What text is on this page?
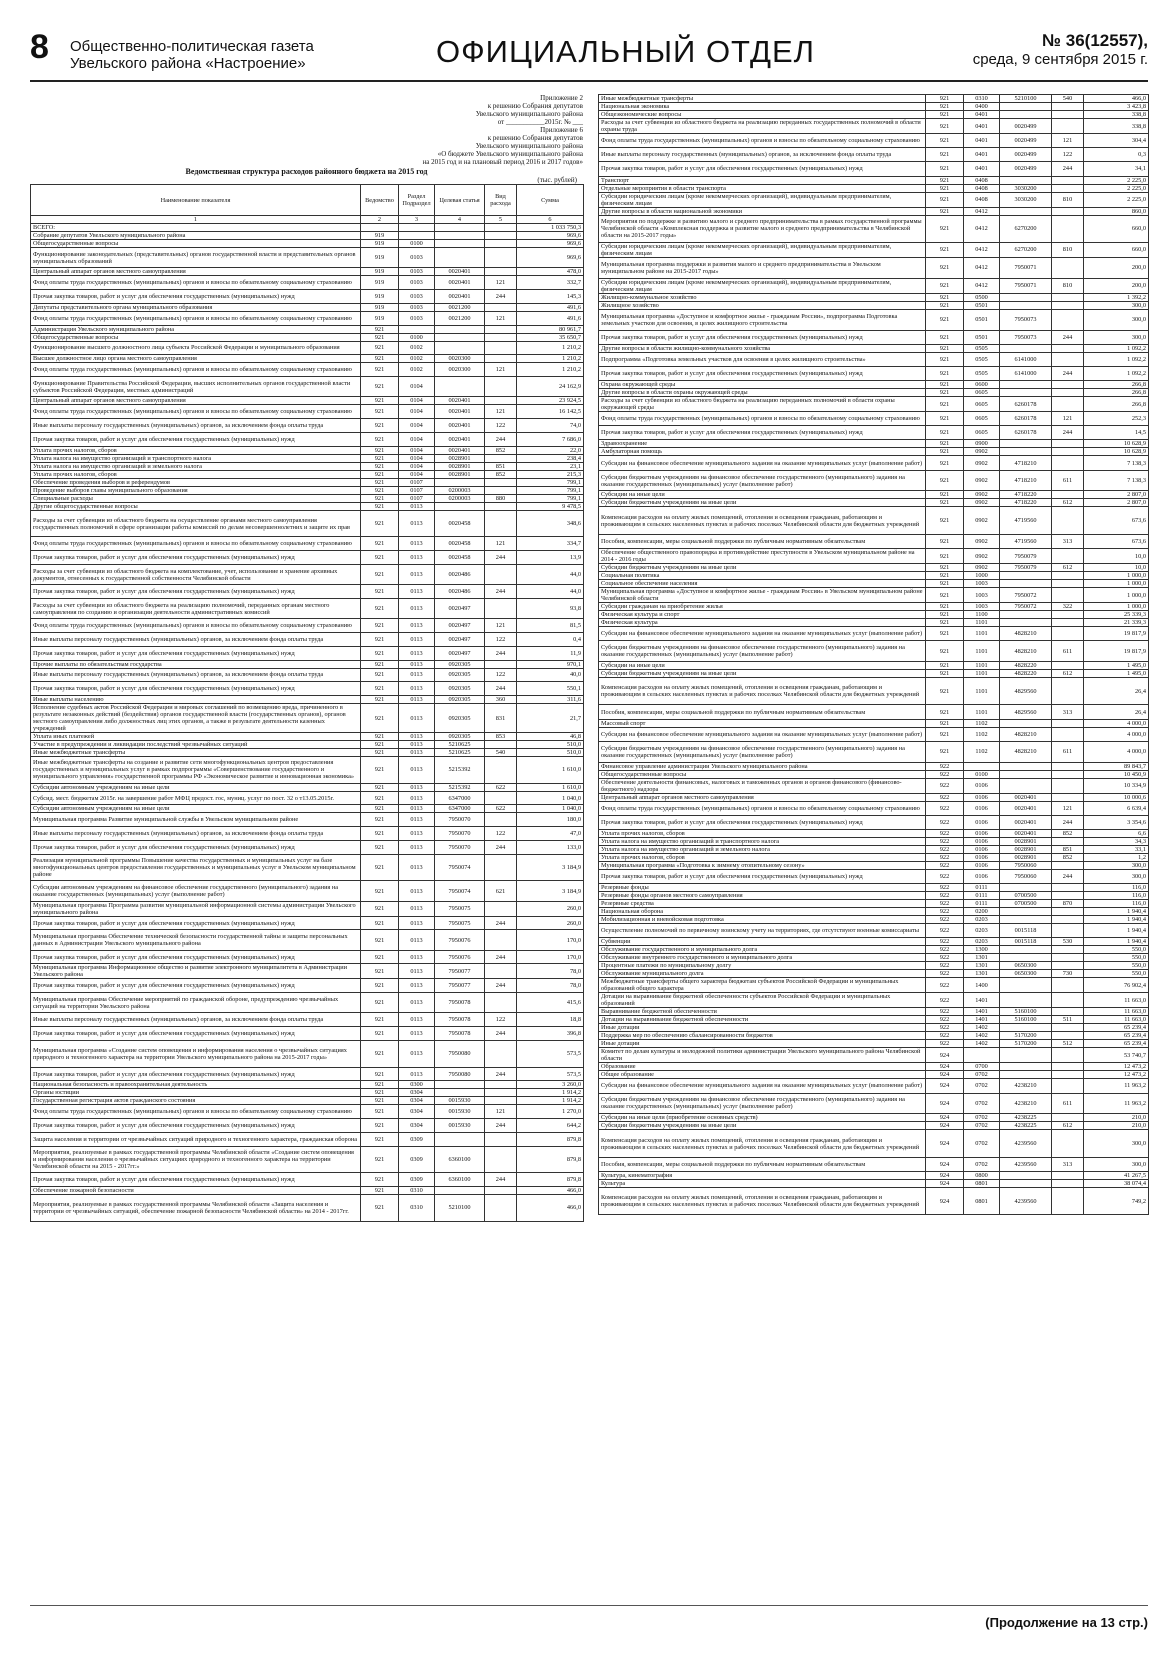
8 Общественно-политическая газета
Увельского района «Настроение»	ОФИЦИАЛЬНЫЙ ОТДЕЛ	№ 36(12557),
среда, 9 сентября 2015 г.
Приложение 2
к решению Собрания депутатов
Увельского муниципального района
от ___________2015г. № ___
Приложение 6
к решению Собрания депутатов
Увельского муниципального района
«О бюджете Увельского муниципального района
на 2015 год и на плановый период 2016 и 2017 годов»
Ведомственная структура расходов районного бюджета на 2015 год
(тыс. рублей)
Наименование показателя	Ведомство	Раздел Подраздел	Целевая статья	Вид расхода	Сумма
1	2	3	4	5	6
ВСЕГО:					1 033 750,3
Собрание депутатов Увельского муниципального района	919				969,6
Общегосударственные вопросы	919	0100			969,6
Функционирование законодательных (представительных) органов государственной власти и представительных органов муниципальных образований	919	0103			969,6
Центральный аппарат органов местного самоуправления	919	0103	0020401		478,0
Фонд оплаты труда государственных (муниципальных) органов и взносы по обязательному социальному страхованию	919	0103	0020401	121	332,7
Прочая закупка товаров, работ и услуг для обеспечения государственных (муниципальных) нужд	919	0103	0020401	244	145,3
Депутаты представительного органа муниципального образования	919	0103	0021200		491,6
Фонд оплаты труда государственных (муниципальных) органов и взносы по обязательному социальному страхованию	919	0103	0021200	121	491,6
Администрация Увельского муниципального района	921				80 961,7
Общегосударственные вопросы	921	0100			35 650,7
Функционирование высшего должностного лица субъекта Российской Федерации и муниципального образования	921	0102			1 210,2
Высшее должностное лицо органа местного самоуправления	921	0102	0020300		1 210,2
Фонд оплаты труда государственных (муниципальных) органов и взносы по обязательному социальному страхованию	921	0102	0020300	121	1 210,2
Функционирование Правительства Российской Федерации, высших исполнительных органов государственной власти субъектов Российской Федерации, местных администраций	921	0104			24 162,9
Центральный аппарат органов местного самоуправления	921	0104	0020401		23 924,5
Фонд оплаты труда государственных (муниципальных) органов и взносы по обязательному социальному страхованию	921	0104	0020401	121	16 142,5
Иные выплаты персоналу государственных (муниципальных) органов, за исключением фонда оплаты труда	921	0104	0020401	122	74,0
Прочая закупка товаров, работ и услуг для обеспечения государственных (муниципальных) нужд	921	0104	0020401	244	7 686,0
Уплата прочих налогов, сборов	921	0104	0020401	852	22,0
Уплата налога на имущество организаций и транспортного налога	921	0104	0028901		238,4
Уплата налога на имущество организаций и земельного налога	921	0104	0028901	851	23,1
Уплата прочих налогов, сборов	921	0104	0028901	852	215,3
Обеспечение проведения выборов и референдумов	921	0107			799,1
Проведение выборов главы муниципального образования	921	0107	0200003		799,1
Специальные расходы	921	0107	0200003	880	799,1
Другие общегосударственные вопросы	921	0113			9 478,5
Расходы за счет субвенции из областного бюджета на осуществление органами местного самоуправления государственных полномочий в сфере организации работы комиссий по делам несовершеннолетних и защите их прав	921	0113	0020458		348,6
Фонд оплаты труда государственных (муниципальных) органов и взносы по обязательному социальному страхованию	921	0113	0020458	121	334,7
Прочая закупка товаров, работ и услуг для обеспечения государственных (муниципальных) нужд	921	0113	0020458	244	13,9
Расходы за счет субвенции из областного бюджета на комплектование, учет, использование и хранение архивных документов, отнесенных к государственной собственности Челябинской области	921	0113	0020486		44,0
Прочая закупка товаров, работ и услуг для обеспечения государственных (муниципальных) нужд	921	0113	0020486	244	44,0
Расходы за счет субвенции из областного бюджета на реализацию полномочий, переданных органам местного самоуправления по созданию и организации деятельности административных комиссий	921	0113	0020497		93,8
Фонд оплаты труда государственных (муниципальных) органов и взносы по обязательному социальному страхованию	921	0113	0020497	121	81,5
Иные выплаты персоналу государственных (муниципальных) органов, за исключением фонда оплаты труда	921	0113	0020497	122	0,4
Прочая закупка товаров, работ и услуг для обеспечения государственных (муниципальных) нужд	921	0113	0020497	244	11,9
Прочие выплаты по обязательствам государства	921	0113	0920305		970,1
Иные выплаты персоналу государственных (муниципальных) органов, за исключением фонда оплаты труда	921	0113	0920305	122	40,0
Прочая закупка товаров, работ и услуг для обеспечения государственных (муниципальных) нужд	921	0113	0920305	244	550,1
Иные выплаты населению	921	0113	0920305	360	311,6
Исполнение судебных актов Российской Федерации и мировых соглашений по возмещению вреда, причиненного в результате незаконных действий (бездействия) органов государственной власти (государственных органов), органов местного самоуправления либо должностных лиц этих органов, а также в результате деятельности казенных учреждений	921	0113	0920305	831	21,7
Уплата иных платежей	921	0113	0920305	853	46,8
Участие в предупреждении и ликвидации последствий чрезвычайных ситуаций	921	0113	5210625		510,0
Иные межбюджетные трансферты	921	0113	5210625	540	510,0
Иные межбюджетные трансферты на создание и развитие сети многофункциональных центров предоставления государственных и муниципальных услуг в рамках подпрограммы «Совершенствование государственного и муниципального управления» государственной программы РФ «Экономическое развитие и инновационная экономика»	921	0113	5215392		1 610,0
Субсидии автономным учреждениям на иные цели	921	0113	5215392	622	1 610,0
Субсид. мест. бюджетам 2015г. на завершение работ МФЦ предост. гос, муниц. услуг по пост. 32 о т13.05.2015г.	921	0113	6347000		1 040,0
Субсидии автономным учреждениям на иные цели	921	0113	6347000	622	1 040,0
Муниципальная программа Развитие муниципальной службы в Увельском муниципальном районе	921	0113	7950070		180,0
Иные выплаты персоналу государственных (муниципальных) органов, за исключением фонда оплаты труда	921	0113	7950070	122	47,0
Прочая закупка товаров, работ и услуг для обеспечения государственных (муниципальных) нужд	921	0113	7950070	244	133,0
Реализация муниципальной программы Повышение качества государственных и муниципальных услуг на базе многофункциональных центров предоставления государственных и муниципальных услуг в Увельском муниципальном районе	921	0113	7950074		3 184,9
Субсидии автономным учреждениям на финансовое обеспечение государственного (муниципального) задания на оказание государственных (муниципальных) услуг (выполнение работ)	921	0113	7950074	621	3 184,9
Муниципальная программа Программа развития муниципальной информационной системы администрации Увельского муниципального района	921	0113	7950075		260,0
Прочая закупка товаров, работ и услуг для обеспечения государственных (муниципальных) нужд	921	0113	7950075	244	260,0
Муниципальная программа Обеспечение технической безопасности государственной тайны и защиты персональных данных в Администрации Увельского муниципального района	921	0113	7950076		170,0
Прочая закупка товаров, работ и услуг для обеспечения государственных (муниципальных) нужд	921	0113	7950076	244	170,0
Муниципальная программа Информационное общество и развитие электронного муниципалитета в Администрации Увельского района	921	0113	7950077		78,0
Прочая закупка товаров, работ и услуг для обеспечения государственных (муниципальных) нужд	921	0113	7950077	244	78,0
Муниципальная программа Обеспечение мероприятий по гражданской обороне, предупреждению чрезвычайных ситуаций на территории Увельского района	921	0113	7950078		415,6
Иные выплаты персоналу государственных (муниципальных) органов, за исключением фонда оплаты труда	921	0113	7950078	122	18,8
Прочая закупка товаров, работ и услуг для обеспечения государственных (муниципальных) нужд	921	0113	7950078	244	396,8
Муниципальная программа «Создание систем оповещения и информирования населения о чрезвычайных ситуациях природного и техногенного характера на территории Увельского муниципального района на 2015-2017 годы»	921	0113	7950080		573,5
Прочая закупка товаров, работ и услуг для обеспечения государственных (муниципальных) нужд	921	0113	7950080	244	573,5
Национальная безопасность и правоохранительная деятельность	921	0300			3 260,0
Органы юстиции	921	0304			1 914,2
Государственная регистрация актов гражданского состояния	921	0304	0015930		1 914,2
Фонд оплаты труда государственных (муниципальных) органов и взносы по обязательному социальному страхованию	921	0304	0015930	121	1 270,0
Прочая закупка товаров, работ и услуг для обеспечения государственных (муниципальных) нужд	921	0304	0015930	244	644,2
Защита населения и территории от чрезвычайных ситуаций природного и техногенного характера, гражданская оборона	921	0309			879,8
Мероприятия, реализуемые в рамках государственной программы Челябинской области «Создание систем оповещения и информирования населения о чрезвычайных ситуациях природного и техногенного характера на территории Челябинской области на 2015 - 2017гг.»	921	0309	6360100		879,8
Прочая закупка товаров, работ и услуг для обеспечения государственных (муниципальных) нужд	921	0309	6360100	244	879,8
Обеспечение пожарной безопасности	921	0310			466,0
Мероприятия, реализуемые в рамках государственной программы Челябинской области «Защита населения и территории от чрезвычайных ситуаций, обеспечение пожарной безопасности Челябинской области» на 2014 - 2017гг.	921	0310	5210100		466,0
Иные межбюджетные трансферты	921	0310	5210100	540	466,0
Национальная экономика	921	0400			3 423,8
Общеэкономические вопросы	921	0401			338,8
Расходы за счет субвенции из областного бюджета на реализацию переданных государственных полномочий в области охраны труда	921	0401	0020499		338,8
Фонд оплаты труда государственных (муниципальных) органов и взносы по обязательному социальному страхованию	921	0401	0020499	121	304,4
Иные выплаты персоналу государственных (муниципальных) органов, за исключением фонда оплаты труда	921	0401	0020499	122	0,3
Прочая закупка товаров, работ и услуг для обеспечения государственных (муниципальных) нужд	921	0401	0020499	244	34,1
Транспорт	921	0408			2 225,0
Отдельные мероприятия в области транспорта	921	0408	3030200		2 225,0
Субсидии юридическим лицам (кроме некоммерческих организаций), индивидуальным предпринимателям, физическим лицам	921	0408	3030200	810	2 225,0
Другие вопросы в области национальной экономики	921	0412			860,0
Мероприятия по поддержке и развитию малого и среднего предпринимательства в рамках государственной программы Челябинской области «Комплексная поддержка и развитие малого и среднего предпринимательства в Челябинской области на 2015-2017 годы»	921	0412	6270200		660,0
Субсидии юридическим лицам (кроме некоммерческих организаций), индивидуальным предпринимателям, физическим лицам	921	0412	6270200	810	660,0
Муниципальная программа поддержки и развития малого и среднего предпринимательства в Увельском муниципальном районе на 2015-2017 годы»	921	0412	7950071		200,0
Субсидии юридическим лицам (кроме некоммерческих организаций), индивидуальным предпринимателям, физическим лицам	921	0412	7950071	810	200,0
Жилищно-коммунальное хозяйство	921	0500			1 392,2
Жилищное хозяйство	921	0501			300,0
Муниципальная программа «Доступное и комфортное жилье - гражданам России», подпрограмма Подготовка земельных участков для освоения, в целях жилищного строительства	921	0501	7950073		300,0
Прочая закупка товаров, работ и услуг для обеспечения государственных (муниципальных) нужд	921	0501	7950073	244	300,0
Другие вопросы в области жилищно-коммунального хозяйства	921	0505			1 092,2
Подпрограмма «Подготовка земельных участков для освоения в целях жилищного строительства»	921	0505	6141000		1 092,2
Прочая закупка товаров, работ и услуг для обеспечения государственных (муниципальных) нужд	921	0505	6141000	244	1 092,2
Охрана окружающей среды	921	0600			266,8
Другие вопросы в области охраны окружающей среды	921	0605			266,8
Расходы за счет субвенции из областного бюджета на реализацию переданных полномочий в области охраны окружающей среды	921	0605	6260178		266,8
Фонд оплаты труда государственных (муниципальных) органов и взносы по обязательному социальному страхованию	921	0605	6260178	121	252,3
Прочая закупка товаров, работ и услуг для обеспечения государственных (муниципальных) нужд	921	0605	6260178	244	14,5
Здравоохранение	921	0900			10 628,9
Амбулаторная помощь	921	0902			10 628,9
Субсидии на финансовое обеспечение муниципального задания на оказание муниципальных услуг (выполнение работ)	921	0902	4718210		7 138,3
Субсидии бюджетным учреждениям на финансовое обеспечение государственного (муниципального) задания на оказание государственных (муниципальных) услуг (выполнение работ)	921	0902	4718210	611	7 138,3
Субсидии на иные цели	921	0902	4718220		2 807,0
Субсидии бюджетным учреждениям на иные цели	921	0902	4718220	612	2 807,0
Компенсация расходов на оплату жилых помещений, отопления и освещения гражданам, работающим и проживающим в сельских населенных пунктах и рабочих поселках Челябинской области для бюджетных учреждений	921	0902	4719560		673,6
Пособия, компенсации, меры социальной поддержки по публичным нормативным обязательствам	921	0902	4719560	313	673,6
Обеспечение общественного правопорядка и противодействие преступности в Увельском муниципальном районе на 2014 - 2016 годы	921	0902	7950079		10,0
Субсидии бюджетным учреждениям на иные цели	921	0902	7950079	612	10,0
Социальная политика	921	1000			1 000,0
Социальное обеспечение населения	921	1003			1 000,0
Муниципальная программа «Доступное и комфортное жилье - гражданам России» в Увельском муниципальном районе Челябинской области	921	1003	7950072		1 000,0
Субсидии гражданам на приобретение жилья	921	1003	7950072	322	1 000,0
Физическая культура и спорт	921	1100			25 339,3
Физическая культура	921	1101			21 339,3
Субсидии на финансовое обеспечение муниципального задания на оказание муниципальных услуг (выполнение работ)	921	1101	4828210		19 817,9
Субсидии бюджетным учреждениям на финансовое обеспечение государственного (муниципального) задания на оказание государственных (муниципальных) услуг (выполнение работ)	921	1101	4828210	611	19 817,9
Субсидии на иные цели	921	1101	4828220		1 495,0
Субсидии бюджетным учреждениям на иные цели	921	1101	4828220	612	1 495,0
Компенсация расходов на оплату жилых помещений, отопления и освещения гражданам, работающим и проживающим в сельских населенных пунктах и рабочих поселках Челябинской области для бюджетных учреждений	921	1101	4829560		26,4
Пособия, компенсации, меры социальной поддержки по публичным нормативным обязательствам	921	1101	4829560	313	26,4
Массовый спорт	921	1102			4 000,0
Субсидии на финансовое обеспечение муниципального задания на оказание муниципальных услуг (выполнение работ)	921	1102	4828210		4 000,0
Субсидии бюджетным учреждениям на финансовое обеспечение государственного (муниципального) задания на оказание государственных (муниципальных) услуг (выполнение работ)	921	1102	4828210	611	4 000,0
Финансовое управление администрации Увельского муниципального района	922				89 843,7
Общегосударственные вопросы	922	0100			10 450,9
Обеспечение деятельности финансовых, налоговых и таможенных органов и органов финансового (финансово-бюджетного) надзора	922	0106			10 334,9
Центральный аппарат органов местного самоуправления	922	0106	0020401		10 000,6
Фонд оплаты труда государственных (муниципальных) органов и взносы по обязательному социальному страхованию	922	0106	0020401	121	6 639,4
Прочая закупка товаров, работ и услуг для обеспечения государственных (муниципальных) нужд	922	0106	0020401	244	3 354,6
Уплата прочих налогов, сборов	922	0106	0020401	852	6,6
Уплата налога на имущество организаций и транспортного налога	922	0106	0028901		34,3
Уплата налога на имущество организаций и земельного налога	922	0106	0028901	851	33,1
Уплата прочих налогов, сборов	922	0106	0028901	852	1,2
Муниципальная программа «Подготовка к зимнему отопительному сезону»	922	0106	7950060		300,0
Прочая закупка товаров, работ и услуг для обеспечения государственных (муниципальных) нужд	922	0106	7950060	244	300,0
Резервные фонды	922	0111			116,0
Резервные фонды органов местного самоуправления	922	0111	0700500		116,0
Резервные средства	922	0111	0700500	870	116,0
Национальная оборона	922	0200			1 940,4
Мобилизационная и вневойсковая подготовка	922	0203			1 940,4
Осуществление полномочий по первичному воинскому учету на территориях, где отсутствуют военные комиссариаты	922	0203	0015118		1 940,4
Субвенции	922	0203	0015118	530	1 940,4
Обслуживание государственного и муниципального долга	922	1300			550,0
Обслуживание внутреннего государственного и муниципального долга	922	1301			550,0
Процентные платежи по муниципальному долгу	922	1301	0650300		550,0
Обслуживание муниципального долга	922	1301	0650300	730	550,0
Межбюджетные трансферты общего характера бюджетам субъектов Российской Федерации и муниципальных образований общего характера	922	1400			76 902,4
Дотации на выравнивание бюджетной обеспеченности субъектов Российской Федерации и муниципальных образований	922	1401			11 663,0
Выравнивание бюджетной обеспеченности	922	1401	5160100		11 663,0
Дотации на выравнивание бюджетной обеспеченности	922	1401	5160100	511	11 663,0
Иные дотации	922	1402			65 239,4
Поддержка мер по обеспечению сбалансированности бюджетов	922	1402	5170200		65 239,4
Иные дотации	922	1402	5170200	512	65 239,4
Комитет по делам культуры и молодежной политики администрации Увельского муниципального района Челябинской области	924				53 740,7
Образование	924	0700			12 473,2
Общее образование	924	0702			12 473,2
Субсидии на финансовое обеспечение муниципального задания на оказание муниципальных услуг (выполнение работ)	924	0702	4238210		11 963,2
Субсидии бюджетным учреждениям на финансовое обеспечение государственного (муниципального) задания на оказание государственных (муниципальных) услуг (выполнение работ)	924	0702	4238210	611	11 963,2
Субсидии на иные цели (приобретение основных средств)	924	0702	4238225		210,0
Субсидии бюджетным учреждениям на иные цели	924	0702	4238225	612	210,0
Компенсация расходов на оплату жилых помещений, отопления и освещения гражданам, работающим и проживающим в сельских населенных пунктах и рабочих поселках Челябинской области для бюджетных учреждений	924	0702	4239560		300,0
Пособия, компенсации, меры социальной поддержки по публичным нормативным обязательствам	924	0702	4239560	313	300,0
Культура, кинематография	924	0800			41 267,5
Культура	924	0801			38 074,4
Компенсация расходов на оплату жилых помещений, отопления и освещения гражданам, работающим и проживающим в сельских населенных пунктах и рабочих поселках Челябинской области для бюджетных учреждений	924	0801	4239560		749,2
(Продолжение на 13 стр.)
